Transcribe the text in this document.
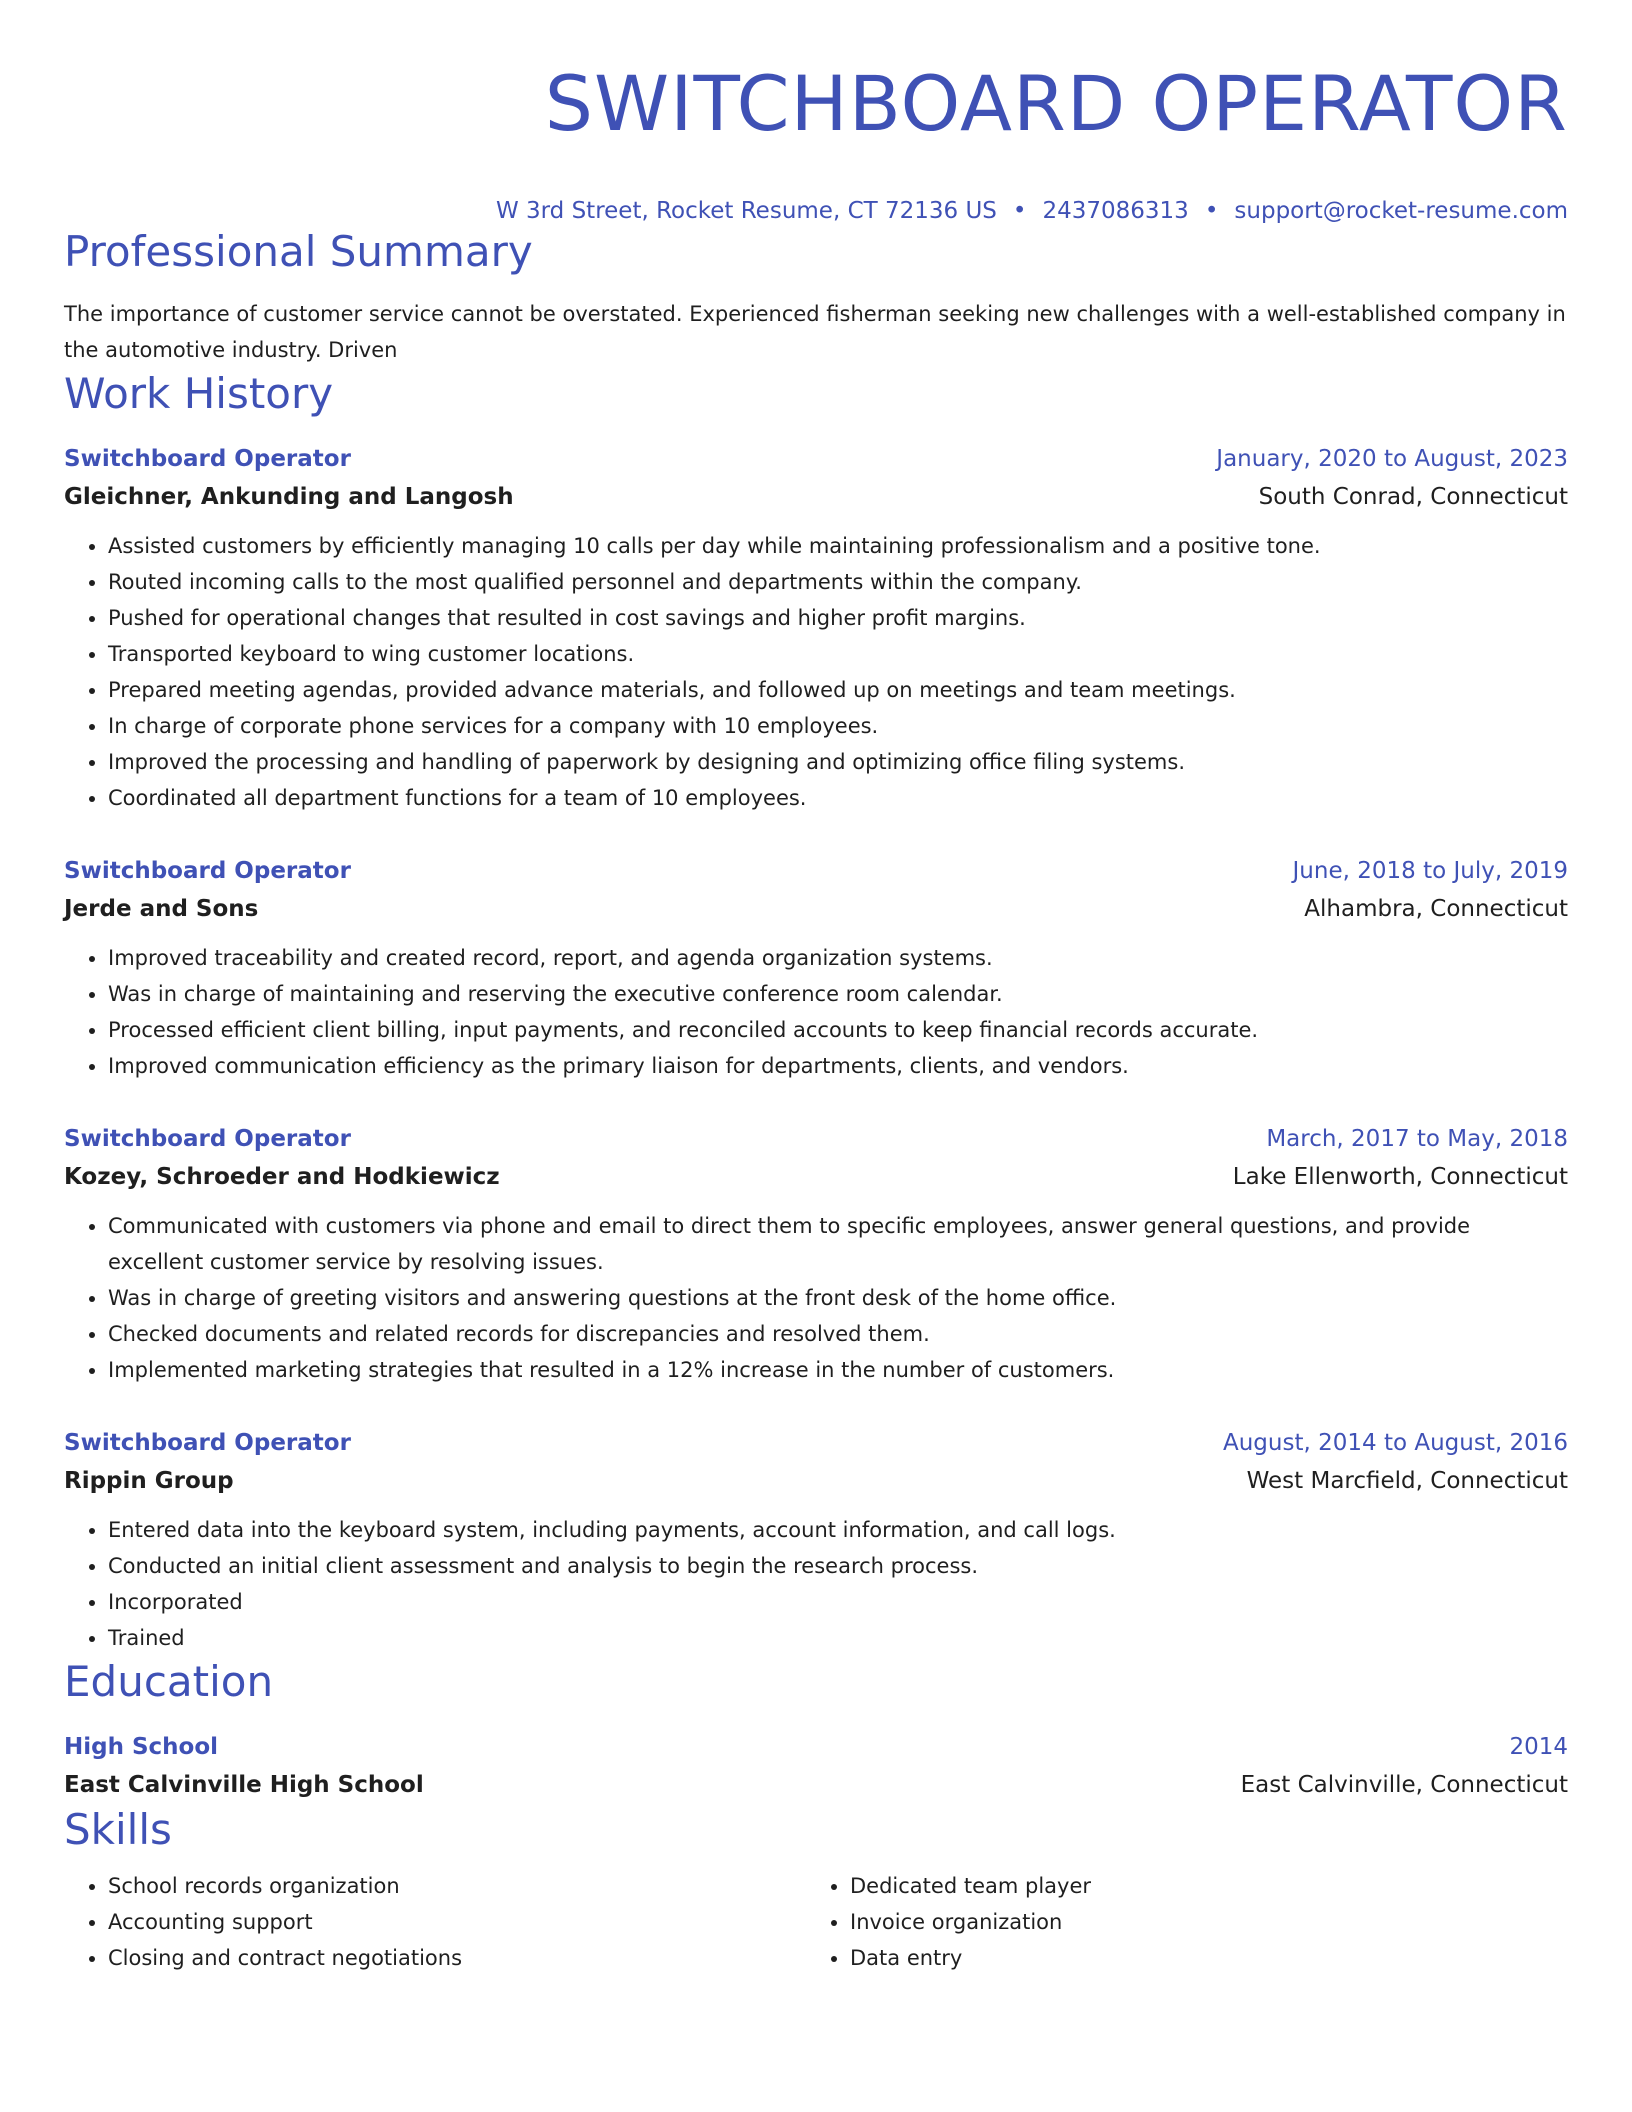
SWITCHBOARD OPERATOR
W 3rd Street, Rocket Resume, CT 72136 US • 2437086313 • support@rocket-resume.com
Professional Summary
The importance of customer service cannot be overstated. Experienced fisherman seeking new challenges with a well-established company in the automotive industry. Driven
Work History
Switchboard Operator	January, 2020 to August, 2023
Gleichner, Ankunding and Langosh	South Conrad, Connecticut
• Assisted customers by efficiently managing 10 calls per day while maintaining professionalism and a positive tone.
• Routed incoming calls to the most qualified personnel and departments within the company.
• Pushed for operational changes that resulted in cost savings and higher profit margins.
• Transported keyboard to wing customer locations.
• Prepared meeting agendas, provided advance materials, and followed up on meetings and team meetings.
• In charge of corporate phone services for a company with 10 employees.
• Improved the processing and handling of paperwork by designing and optimizing office filing systems.
• Coordinated all department functions for a team of 10 employees.
Switchboard Operator	June, 2018 to July, 2019
Jerde and Sons	Alhambra, Connecticut
• Improved traceability and created record, report, and agenda organization systems.
• Was in charge of maintaining and reserving the executive conference room calendar.
• Processed efficient client billing, input payments, and reconciled accounts to keep financial records accurate.
• Improved communication efficiency as the primary liaison for departments, clients, and vendors.
Switchboard Operator	March, 2017 to May, 2018
Kozey, Schroeder and Hodkiewicz	Lake Ellenworth, Connecticut
• Communicated with customers via phone and email to direct them to specific employees, answer general questions, and provide excellent customer service by resolving issues.
• Was in charge of greeting visitors and answering questions at the front desk of the home office.
• Checked documents and related records for discrepancies and resolved them.
• Implemented marketing strategies that resulted in a 12% increase in the number of customers.
Switchboard Operator	August, 2014 to August, 2016
Rippin Group	West Marcfield, Connecticut
• Entered data into the keyboard system, including payments, account information, and call logs.
• Conducted an initial client assessment and analysis to begin the research process.
• Incorporated
• Trained
Education
High School	2014
East Calvinville High School	East Calvinville, Connecticut
Skills
• School records organization
• Accounting support
• Closing and contract negotiations
• Dedicated team player
• Invoice organization
• Data entry
